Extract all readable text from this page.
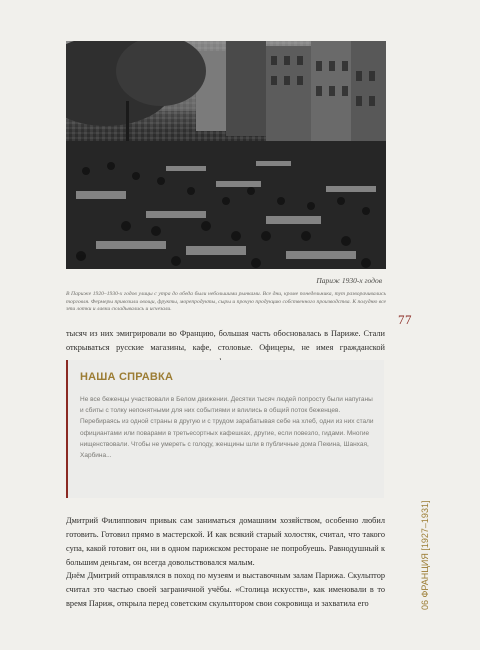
Париж 1930-х годов
В Париже 1920–1930-х годов улицы с утра до обеда были небольшими рынками. Все дни, кроме понедельника, тут разворачивались торговля. Фермеры привозили овощи, фрукты, морепродукты, сыры и прочую продукцию собственного производства. К полудню все эти лотки и лавки складывались и исчезали.
77

тысяч из них эмигрировали во Францию, большая часть обосновалась в Париже. Стали открываться русские магазины, кафе, столовые. Офицеры, не имея гражданской

НАША СПРАВКА

Не все беженцы участвовали в Белом движении. Десятки тысяч людей попросту были напуганы и сбиты с толку непонятными для них событиями и влились в общий поток беженцев. Перебираясь из одной страны в другую и с трудом зарабатывая себе на хлеб, одни из них стали официантами или поварами в третьесортных кафешках, другие, если повезло, гидами. Многие нищенствовали. Чтобы не умереть с голоду, женщины шли в публичные дома Пекина, Шанхая, Харбина...

Дмитрий Филиппович привык сам заниматься домашним хозяйством, особенно любил готовить. Готовил прямо в мастерской. И как всякий старый холостяк, считал, что такого супа, какой готовит он, ни в одном парижском ресторане не попробуешь. Равнодушный к большим деньгам, он всегда довольствовался малым.

Днём Дмитрий отправлялся в поход по музеям и выставочным залам Парижа. Скульптор считал это частью своей заграничной учёбы. «Столица искусств», как именовали в то время Париж, открыла перед советским скульптором свои сокровища и захватила его	06 ФРАНЦИЯ [1927–1931]
